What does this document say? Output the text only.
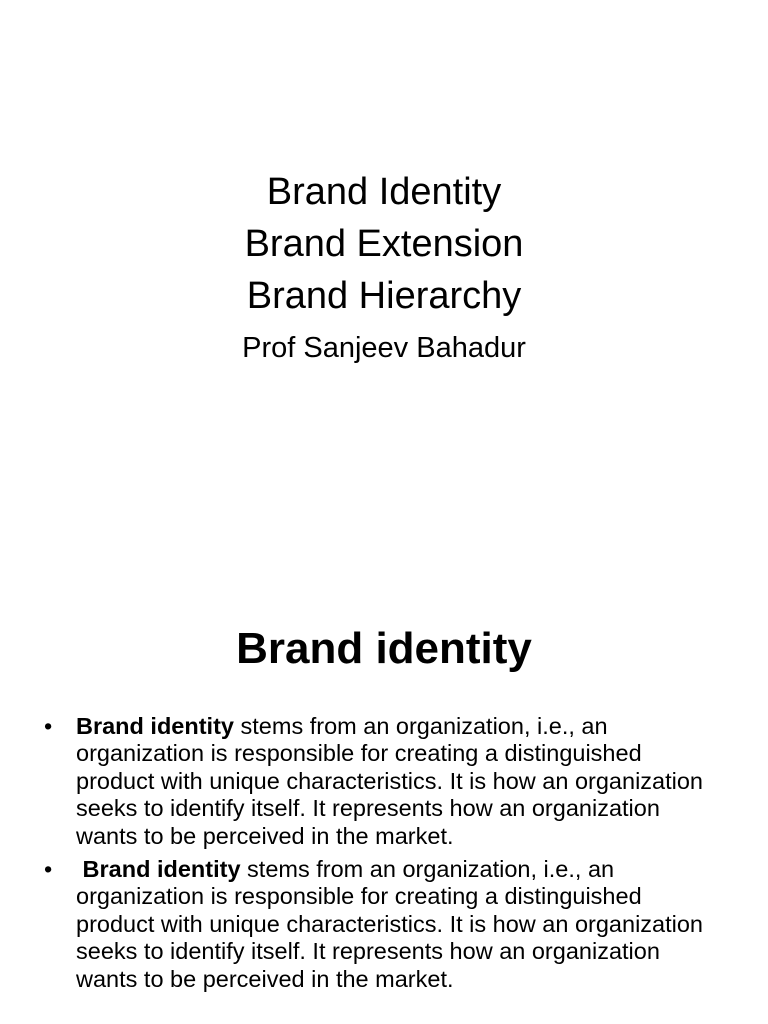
Brand Identity
Brand Extension
Brand Hierarchy
Prof Sanjeev Bahadur
Brand identity
• Brand identity stems from an organization, i.e., an organization is responsible for creating a distinguished product with unique characteristics. It is how an organization seeks to identify itself. It represents how an organization wants to be perceived in the market.
• Brand identity stems from an organization, i.e., an organization is responsible for creating a distinguished product with unique characteristics. It is how an organization seeks to identify itself. It represents how an organization wants to be perceived in the market.
